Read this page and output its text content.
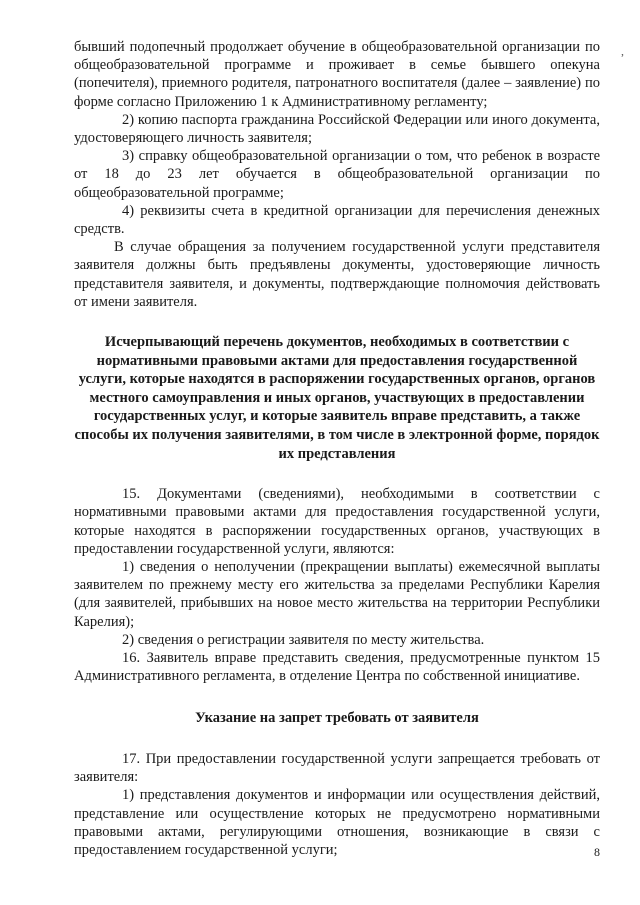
,

бывший подопечный продолжает обучение в общеобразовательной организации по общеобразовательной программе и проживает в семье бывшего опекуна (попечителя), приемного родителя, патронатного воспитателя (далее – заявление) по форме согласно Приложению 1 к Административному регламенту;

2) копию паспорта гражданина Российской Федерации или иного документа, удостоверяющего личность заявителя;

3) справку общеобразовательной организации о том, что ребенок в возрасте от 18 до 23 лет обучается в общеобразовательной организации по общеобразовательной программе;

4) реквизиты счета в кредитной организации для перечисления денежных средств.

В случае обращения за получением государственной услуги представителя заявителя должны быть предъявлены документы, удостоверяющие личность представителя заявителя, и документы, подтверждающие полномочия действовать от имени заявителя.

Исчерпывающий перечень документов, необходимых в соответствии с нормативными правовыми актами для предоставления государственной услуги, которые находятся в распоряжении государственных органов, органов местного самоуправления и иных органов, участвующих в предоставлении государственных услуг, и которые заявитель вправе представить, а также способы их получения заявителями, в том числе в электронной форме, порядок их представления

15. Документами (сведениями), необходимыми в соответствии с нормативными правовыми актами для предоставления государственной услуги, которые находятся в распоряжении государственных органов, участвующих в предоставлении государственной услуги, являются:

1) сведения о неполучении (прекращении выплаты) ежемесячной выплаты заявителем по прежнему месту его жительства за пределами Республики Карелия (для заявителей, прибывших на новое место жительства на территории Республики Карелия);

2) сведения о регистрации заявителя по месту жительства.

16. Заявитель вправе представить сведения, предусмотренные пунктом 15 Административного регламента, в отделение Центра по собственной инициативе.

Указание на запрет требовать от заявителя

17. При предоставлении государственной услуги запрещается требовать от заявителя:

1) представления документов и информации или осуществления действий, представление или осуществление которых не предусмотрено нормативными правовыми актами, регулирующими отношения, возникающие в связи с предоставлением государственной услуги;	8
